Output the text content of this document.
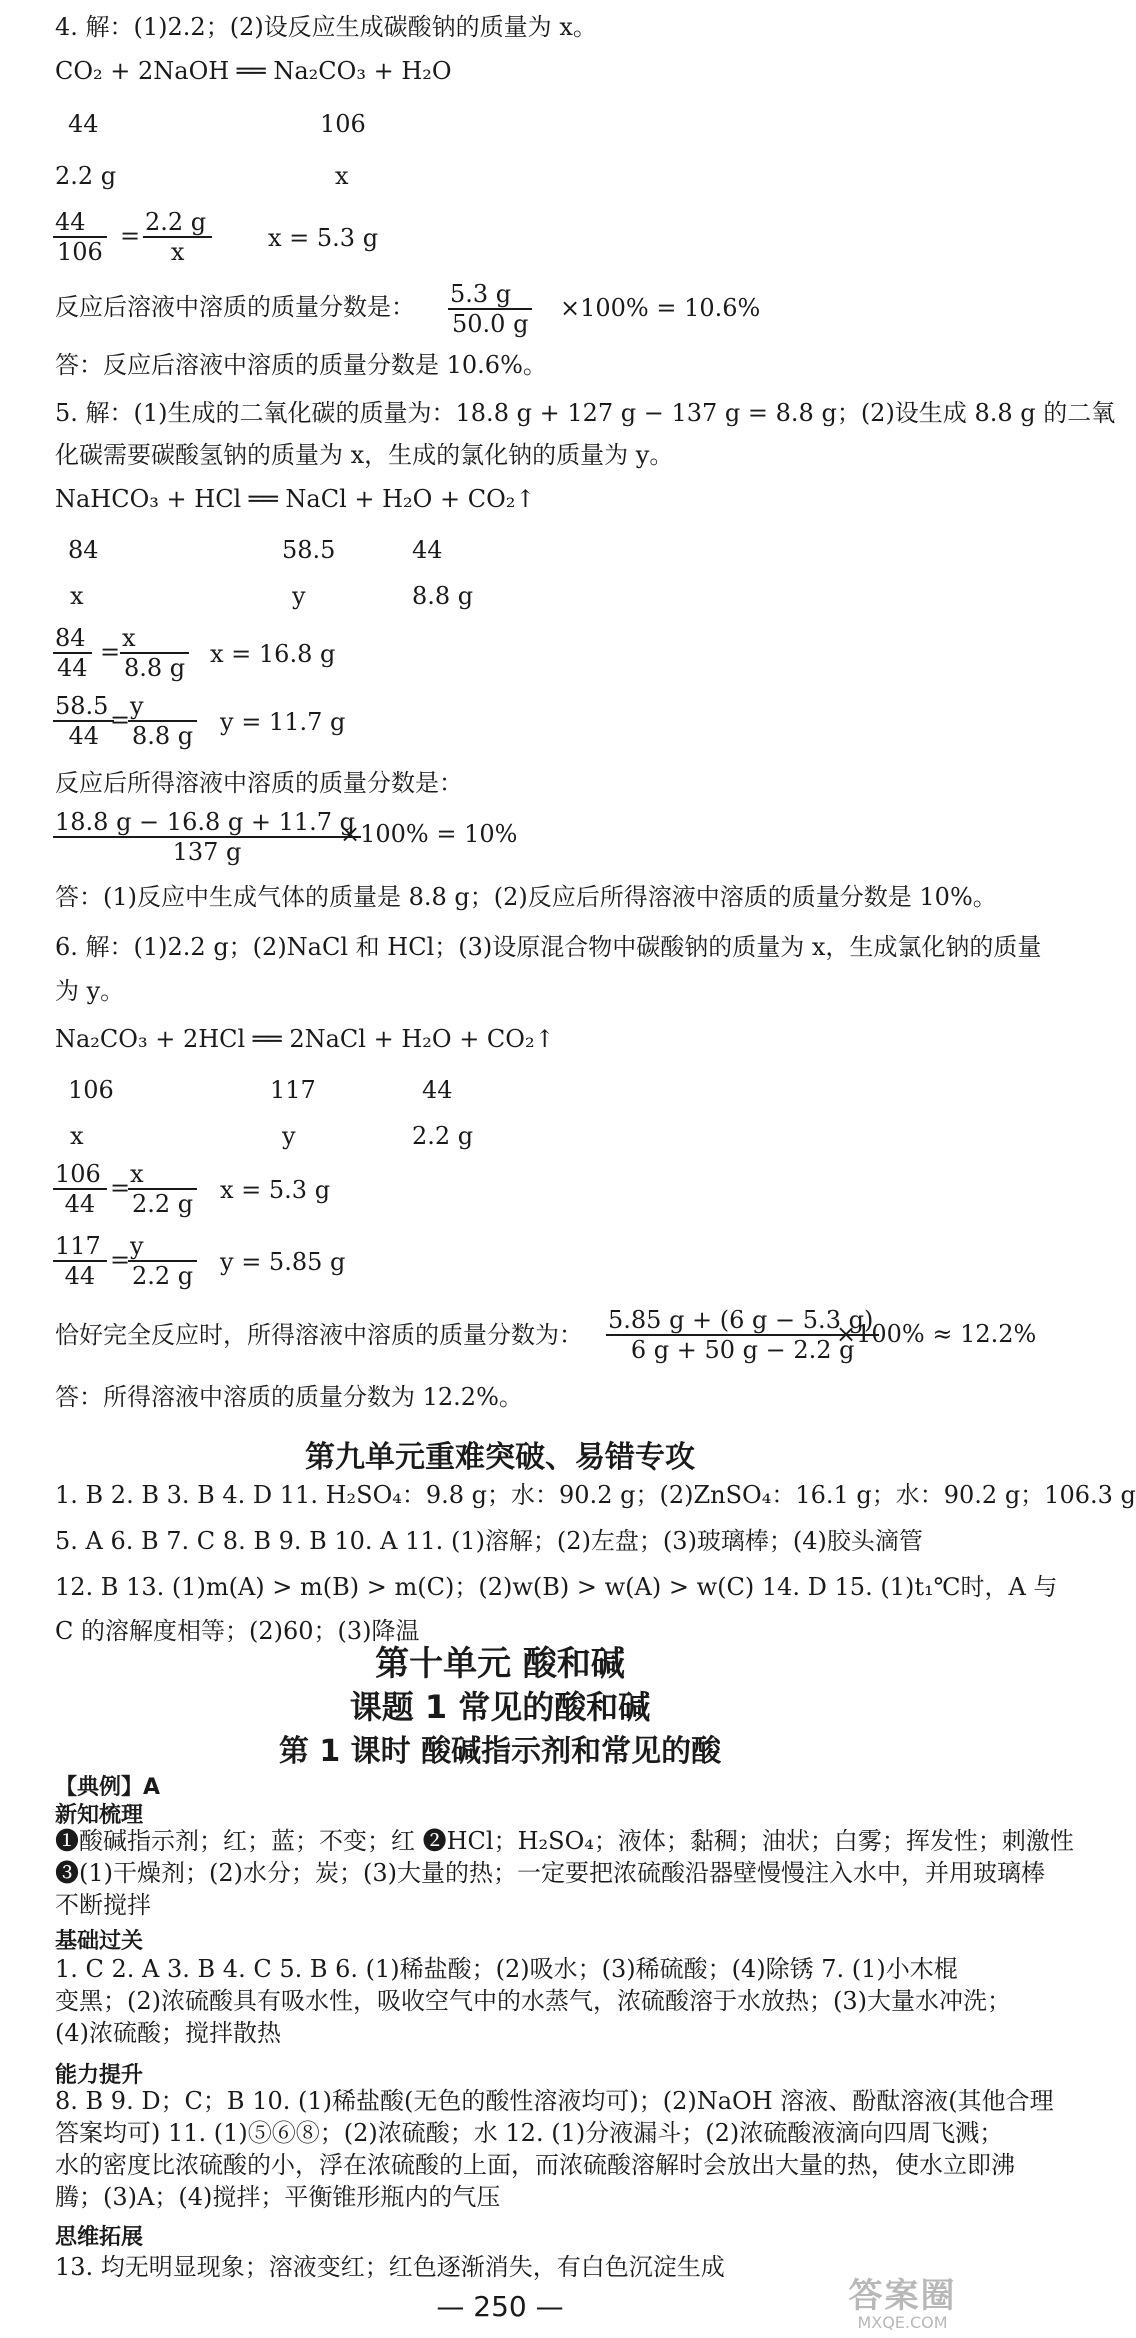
4. 解：(1)2.2；(2)设反应生成碳酸钠的质量为 x。
CO₂ + 2NaOH ══ Na₂CO₃ + H₂O
44	106
2.2 g	x
$\frac{44}{106} = \frac{2.2 g}{x}$ x = 5.3 g
反应后溶液中溶质的质量分数是： $\frac{5.3 g}{50.0 g} \times 100\% = 10.6\%$
答：反应后溶液中溶质的质量分数是 10.6%。
5. 解：(1)生成的二氧化碳的质量为：18.8 g + 127 g − 137 g = 8.8 g；(2)设生成 8.8 g 的二氧
化碳需要碳酸氢钠的质量为 x，生成的氯化钠的质量为 y。
NaHCO₃ + HCl ══ NaCl + H₂O + CO₂↑
84	58.5	44
x	y	8.8 g
$\frac{84}{44} = \frac{x}{8.8 g}$ x = 16.8 g
$\frac{58.5}{44}$
= $\frac{y}{8.8 g}$ y = 11.7 g
反应后所得溶液中溶质的质量分数是：
$\frac{18.8 g - 16.8 g + 11.7 g}{137 g}$
×100% = 10%
答：(1)反应中生成气体的质量是 8.8 g；(2)反应后所得溶液中溶质的质量分数是 10%。
6. 解：(1)2.2 g；(2)NaCl 和 HCl；(3)设原混合物中碳酸钠的质量为 x，生成氯化钠的质量
为 y。
Na₂CO₃ + 2HCl ══ 2NaCl + H₂O + CO₂↑
106	117	44
x	y	2.2 g
$\frac{106}{44} = \frac{x}{2.2 g}$ x = 5.3 g
$\frac{117}{44} = \frac{y}{2.2 g}$ y = 5.85 g
恰好完全反应时，所得溶液中溶质的质量分数为： $\frac{5.85 g + (6 g - 5.3 g)}{6 g + 50 g - 2.2 g}$
×100% ≈ 12.2%
答：所得溶液中溶质的质量分数为 12.2%。
第九单元重难突破、易错专攻
1. B 2. B 3. B 4. D 11. H₂SO₄：9.8 g；水：90.2 g；(2)ZnSO₄：16.1 g；水：90.2 g；106.3 g
5. A 6. B 7. C 8. B 9. B 10. A 11. (1)溶解；(2)左盘；(3)玻璃棒；(4)胶头滴管
12. B 13. (1)m(A) > m(B) > m(C)；(2)w(B) > w(A) > w(C) 14. D 15. (1)t₁℃时，A 与
C 的溶解度相等；(2)60；(3)降温
第十单元 酸和碱
课题 1 常见的酸和碱
第 1 课时 酸碱指示剂和常见的酸
【典例】A
新知梳理
❶酸碱指示剂；红；蓝；不变；红 ❷HCl；H₂SO₄；液体；黏稠；油状；白雾；挥发性；刺激性
❸(1)干燥剂；(2)水分；炭；(3)大量的热；一定要把浓硫酸沿器壁慢慢注入水中，并用玻璃棒
不断搅拌
基础过关
1. C 2. A 3. B 4. C 5. B 6. (1)稀盐酸；(2)吸水；(3)稀硫酸；(4)除锈 7. (1)小木棍
变黑；(2)浓硫酸具有吸水性，吸收空气中的水蒸气，浓硫酸溶于水放热；(3)大量水冲洗；
(4)浓硫酸；搅拌散热
能力提升
8. B 9. D；C；B 10. (1)稀盐酸(无色的酸性溶液均可)；(2)NaOH 溶液、酚酞溶液(其他合理
答案均可) 11. (1)⑤⑥⑧；(2)浓硫酸；水 12. (1)分液漏斗；(2)浓硫酸液滴向四周飞溅；
水的密度比浓硫酸的小，浮在浓硫酸的上面，而浓硫酸溶解时会放出大量的热，使水立即沸
腾；(3)A；(4)搅拌；平衡锥形瓶内的气压
思维拓展
13. 均无明显现象；溶液变红；红色逐渐消失，有白色沉淀生成
— 250 —	答案圈
MXQE.COM
